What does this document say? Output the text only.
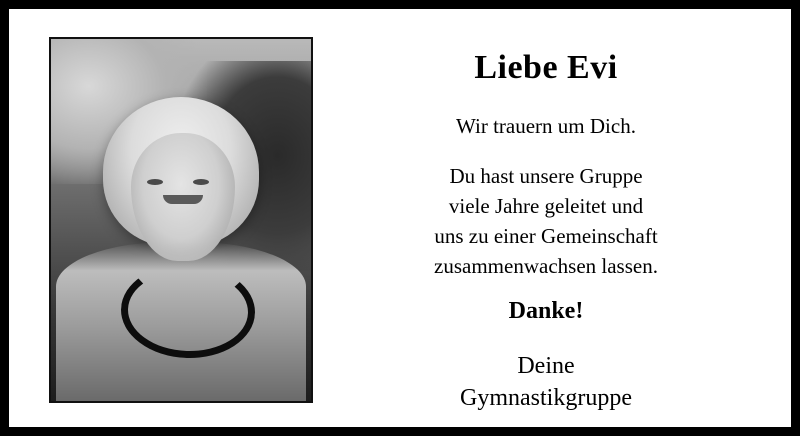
Liebe Evi

Wir trauern um Dich.

Du hast unsere Gruppe

viele Jahre geleitet und

uns zu einer Gemeinschaft

zusammenwachsen lassen.

Danke!

Deine

Gymnastikgruppe
